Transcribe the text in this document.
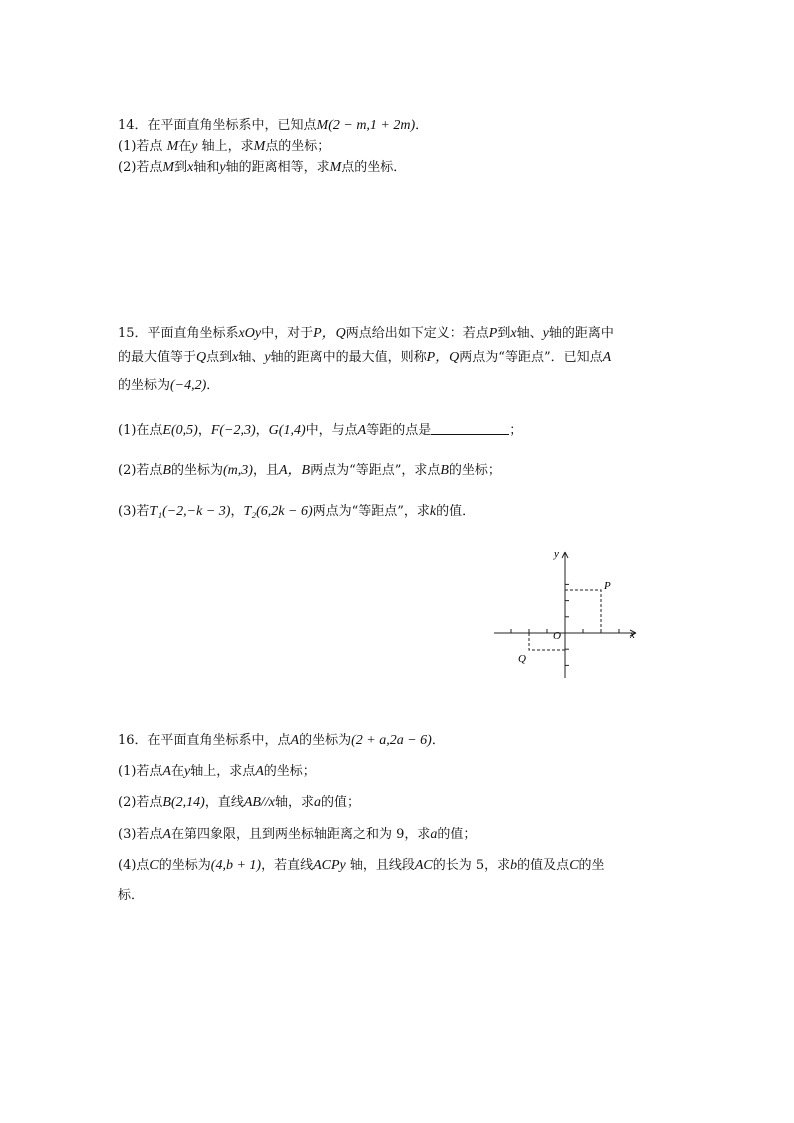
14．在平面直角坐标系中，已知点M(2 − m,1 + 2m)．
(1)若点 M在y 轴上，求M点的坐标；
(2)若点M到x轴和y轴的距离相等，求M点的坐标．
15．平面直角坐标系xOy中，对于P，Q两点给出如下定义：若点P到x轴、y轴的距离中
的最大值等于Q点到x轴、y轴的距离中的最大值，则称P，Q两点为“等距点”．已知点A
的坐标为(−4,2)．
(1)在点E(0,5)，F(−2,3)，G(1,4)中，与点A等距的点是	；
(2)若点B的坐标为(m,3)，且A，B两点为“等距点”，求点B的坐标；
(3)若T₁(−2,−k − 3)，T₂(6,2k − 6)两点为“等距点”，求k的值．
x
y
O
P
Q
16．在平面直角坐标系中，点A的坐标为(2 + a,2a − 6)．
(1)若点A在y轴上，求点A的坐标；
(2)若点B(2,14)，直线AB//x轴，求a的值；
(3)若点A在第四象限，且到两坐标轴距离之和为 9，求a的值；
(4)点C的坐标为(4,b + 1)，若直线ACPy 轴，且线段AC的长为 5，求b的值及点C的坐
标．
